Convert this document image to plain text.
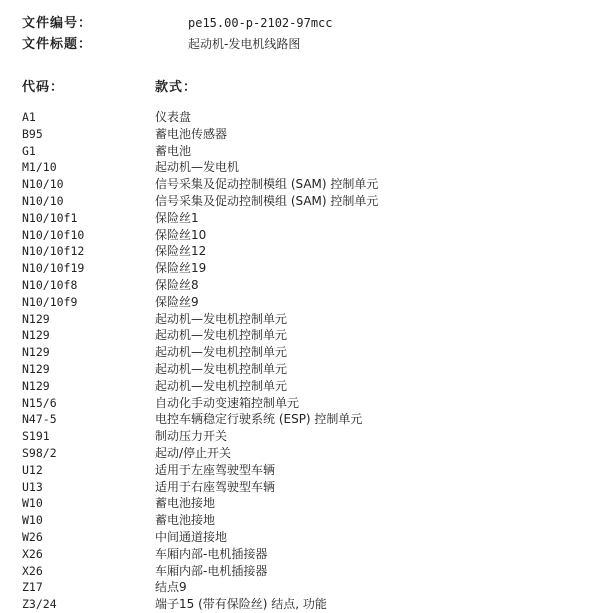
文件编号：	pe15.00-p-2102-97mcc
文件标题：	起动机-发电机线路图
代码：	款式：
A1	仪表盘
B95	蓄电池传感器
G1	蓄电池
M1/10	起动机—发电机
N10/10	信号采集及促动控制模组 (SAM) 控制单元
N10/10	信号采集及促动控制模组 (SAM) 控制单元
N10/10f1	保险丝1
N10/10f10	保险丝10
N10/10f12	保险丝12
N10/10f19	保险丝19
N10/10f8	保险丝8
N10/10f9	保险丝9
N129	起动机—发电机控制单元
N129	起动机—发电机控制单元
N129	起动机—发电机控制单元
N129	起动机—发电机控制单元
N129	起动机—发电机控制单元
N15/6	自动化手动变速箱控制单元
N47-5	电控车辆稳定行驶系统 (ESP) 控制单元
S191	制动压力开关
S98/2	起动/停止开关
U12	适用于左座驾驶型车辆
U13	适用于右座驾驶型车辆
W10	蓄电池接地
W10	蓄电池接地
W26	中间通道接地
X26	车厢内部-电机插接器
X26	车厢内部-电机插接器
Z17	结点9
Z3/24	端子15 (带有保险丝) 结点, 功能
